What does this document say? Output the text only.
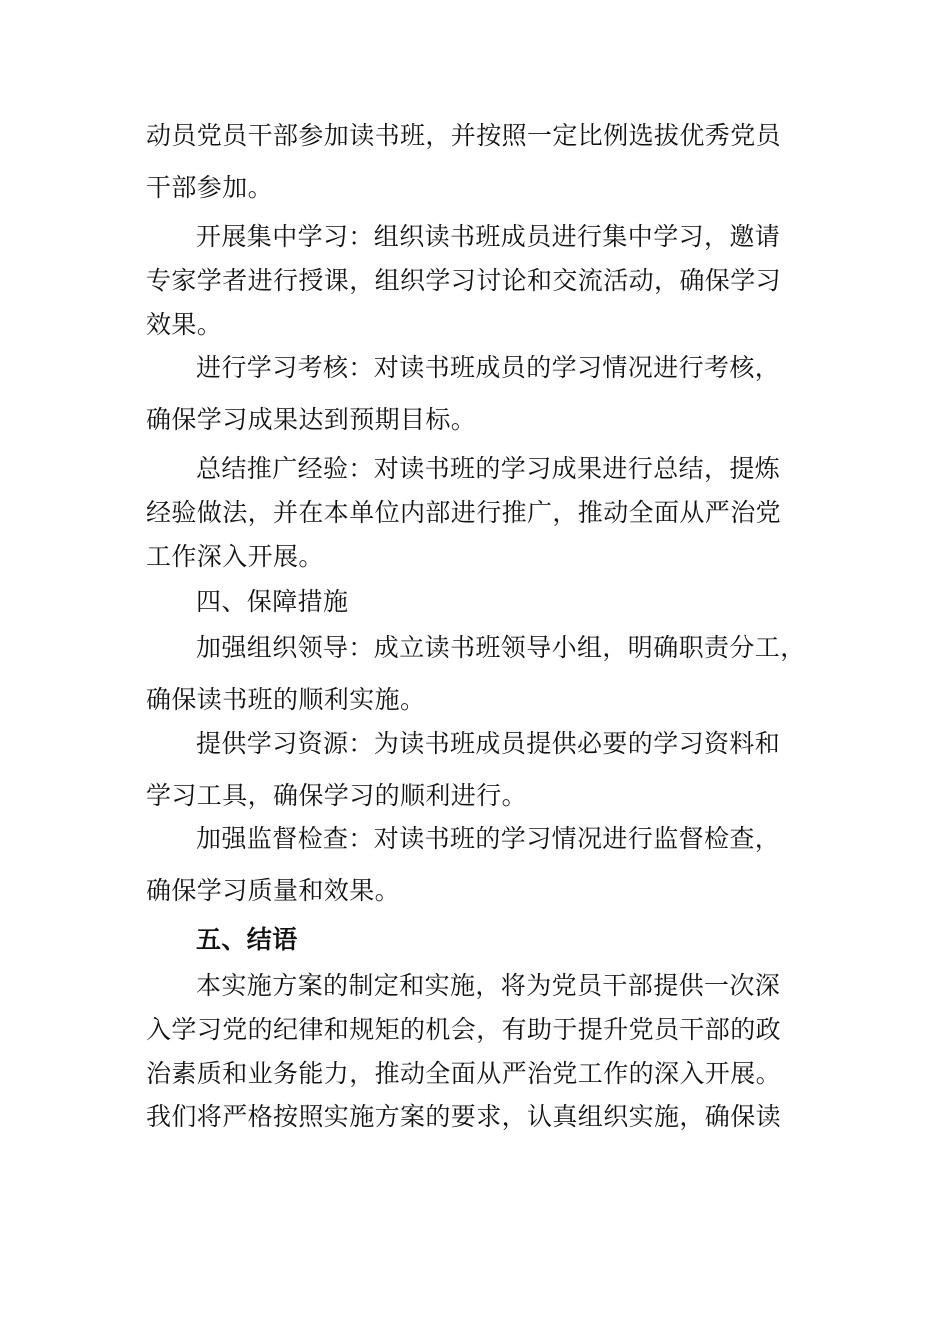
动员党员干部参加读书班，并按照一定比例选拔优秀党员
干部参加。
开展集中学习：组织读书班成员进行集中学习，邀请
专家学者进行授课，组织学习讨论和交流活动，确保学习
效果。
进行学习考核：对读书班成员的学习情况进行考核，
确保学习成果达到预期目标。
总结推广经验：对读书班的学习成果进行总结，提炼
经验做法，并在本单位内部进行推广，推动全面从严治党
工作深入开展。
四、保障措施
加强组织领导：成立读书班领导小组，明确职责分工，
确保读书班的顺利实施。
提供学习资源：为读书班成员提供必要的学习资料和
学习工具，确保学习的顺利进行。
加强监督检查：对读书班的学习情况进行监督检查，
确保学习质量和效果。
五、结语
本实施方案的制定和实施，将为党员干部提供一次深
入学习党的纪律和规矩的机会，有助于提升党员干部的政
治素质和业务能力，推动全面从严治党工作的深入开展。
我们将严格按照实施方案的要求，认真组织实施，确保读
